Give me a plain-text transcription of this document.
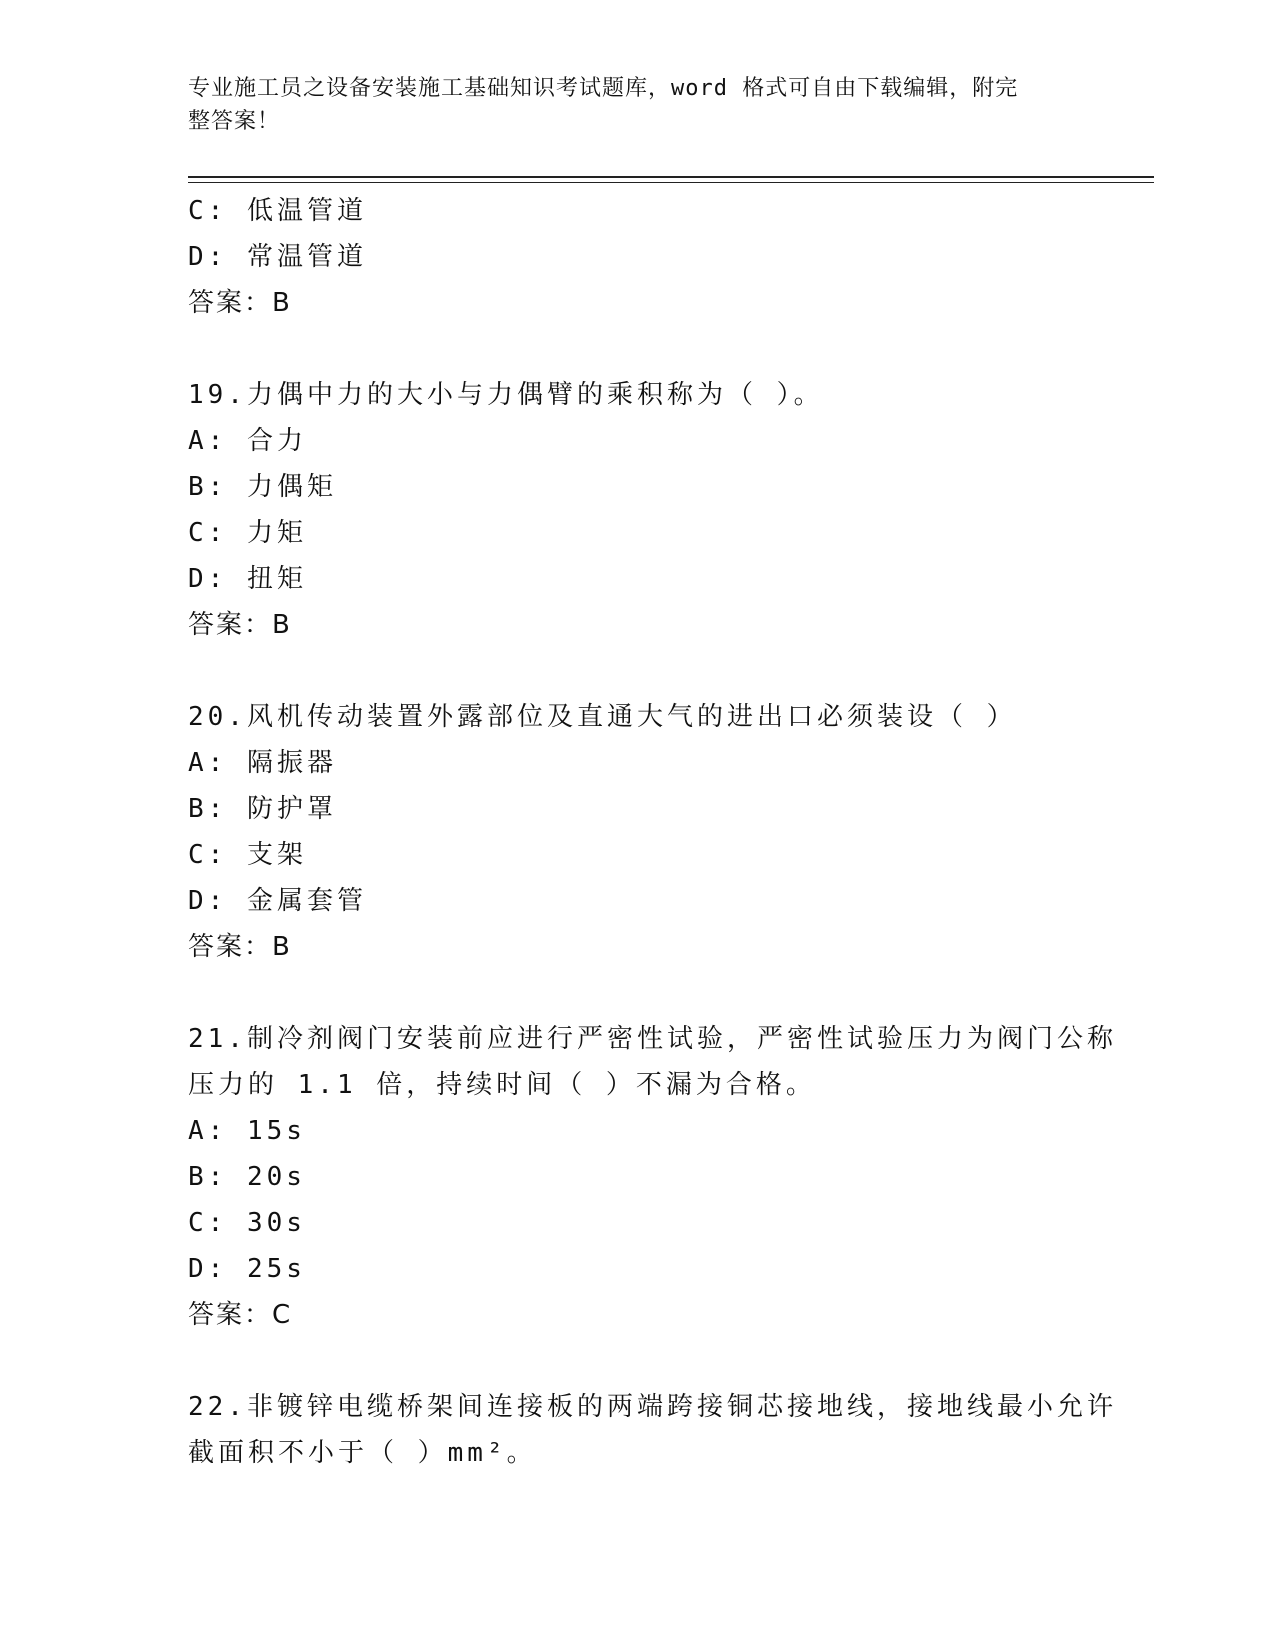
专业施工员之设备安装施工基础知识考试题库，word 格式可自由下载编辑，附完
整答案！
C: 低温管道
D: 常温管道
答案：B
19.力偶中力的大小与力偶臂的乘积称为（ ）。
A: 合力
B: 力偶矩
C: 力矩
D: 扭矩
答案：B
20.风机传动装置外露部位及直通大气的进出口必须装设（ ）
A: 隔振器
B: 防护罩
C: 支架
D: 金属套管
答案：B
21.制冷剂阀门安装前应进行严密性试验，严密性试验压力为阀门公称
压力的 1.1 倍，持续时间（ ）不漏为合格。
A: 15s
B: 20s
C: 30s
D: 25s
答案：C
22.非镀锌电缆桥架间连接板的两端跨接铜芯接地线，接地线最小允许
截面积不小于（ ）mm²。
